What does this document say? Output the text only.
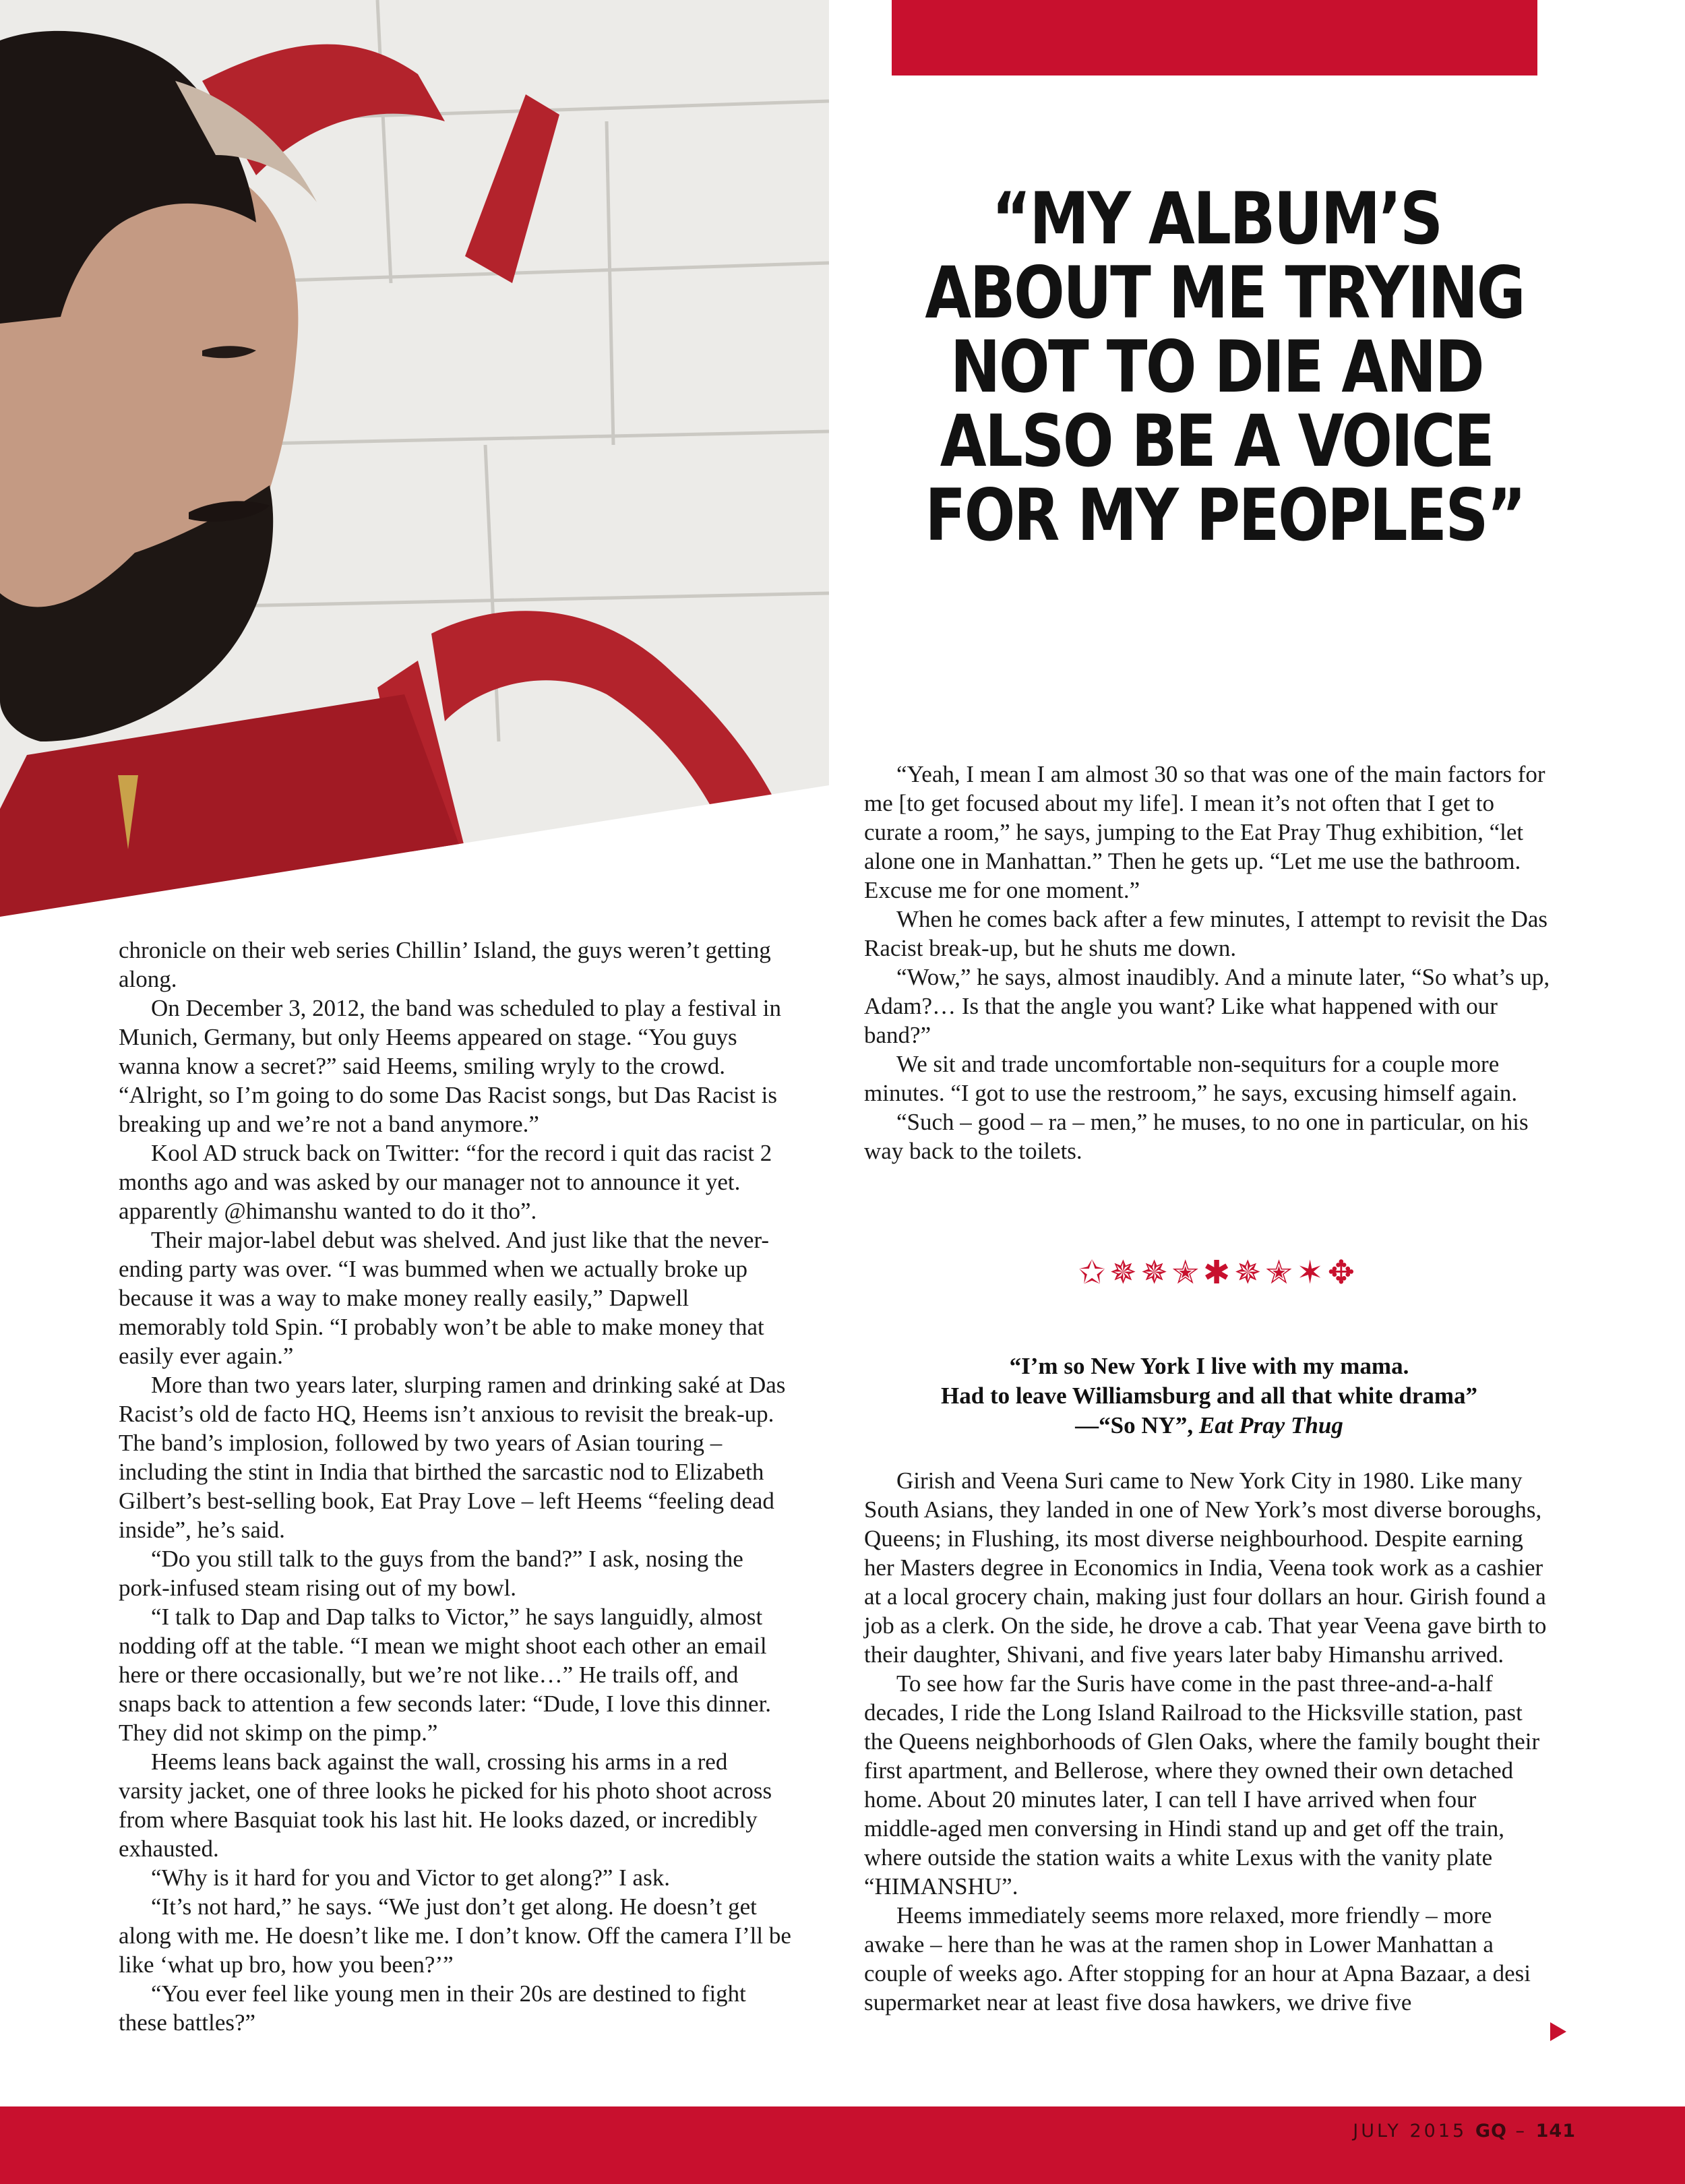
“MY ALBUM’S
ABOUT ME TRYING
NOT TO DIE AND
ALSO BE A VOICE
FOR MY PEOPLES”

chronicle on their web series Chillin’ Island, the guys weren’t getting along.

On December 3, 2012, the band was scheduled to play a festival in Munich, Germany, but only Heems appeared on stage. “You guys wanna know a secret?” said Heems, smiling wryly to the crowd. “Alright, so I’m going to do some Das Racist songs, but Das Racist is breaking up and we’re not a band anymore.”

Kool AD struck back on Twitter: “for the record i quit das racist 2 months ago and was asked by our manager not to announce it yet. apparently @himanshu wanted to do it tho”.

Their major-label debut was shelved. And just like that the never-ending party was over. “I was bummed when we actually broke up because it was a way to make money really easily,” Dapwell memorably told Spin. “I probably won’t be able to make money that easily ever again.”

More than two years later, slurping ramen and drinking saké at Das Racist’s old de facto HQ, Heems isn’t anxious to revisit the break-up. The band’s implosion, followed by two years of Asian touring – including the stint in India that birthed the sarcastic nod to Elizabeth Gilbert’s best-selling book, Eat Pray Love – left Heems “feeling dead inside”, he’s said.

“Do you still talk to the guys from the band?” I ask, nosing the pork-infused steam rising out of my bowl.

“I talk to Dap and Dap talks to Victor,” he says languidly, almost nodding off at the table. “I mean we might shoot each other an email here or there occasionally, but we’re not like…” He trails off, and snaps back to attention a few seconds later: “Dude, I love this dinner. They did not skimp on the pimp.”

Heems leans back against the wall, crossing his arms in a red varsity jacket, one of three looks he picked for his photo shoot across from where Basquiat took his last hit. He looks dazed, or incredibly exhausted.

“Why is it hard for you and Victor to get along?” I ask.

“It’s not hard,” he says. “We just don’t get along. He doesn’t get along with me. He doesn’t like me. I don’t know. Off the camera I’ll be like ‘what up bro, how you been?’”

“You ever feel like young men in their 20s are destined to fight these battles?”

“Yeah, I mean I am almost 30 so that was one of the main factors for me [to get focused about my life]. I mean it’s not often that I get to curate a room,” he says, jumping to the Eat Pray Thug exhibition, “let alone one in Manhattan.” Then he gets up. “Let me use the bathroom. Excuse me for one moment.”

When he comes back after a few minutes, I attempt to revisit the Das Racist break-up, but he shuts me down.

“Wow,” he says, almost inaudibly. And a minute later, “So what’s up, Adam?… Is that the angle you want? Like what happened with our band?”

We sit and trade uncomfortable non-sequiturs for a couple more minutes. “I got to use the restroom,” he says, excusing himself again.

“Such – good – ra – men,” he muses, to no one in particular, on his way back to the toilets.

✩ ✵ ✵ ✭ ✱ ✵ ✭ ✶ ✥
“I’m so New York I live with my mama.
Had to leave Williamsburg and all that white drama”
—“So NY”, Eat Pray Thug

Girish and Veena Suri came to New York City in 1980. Like many South Asians, they landed in one of New York’s most diverse boroughs, Queens; in Flushing, its most diverse neighbourhood. Despite earning her Masters degree in Economics in India, Veena took work as a cashier at a local grocery chain, making just four dollars an hour. Girish found a job as a clerk. On the side, he drove a cab. That year Veena gave birth to their daughter, Shivani, and five years later baby Himanshu arrived.

To see how far the Suris have come in the past three-and-a-half decades, I ride the Long Island Railroad to the Hicksville station, past the Queens neighborhoods of Glen Oaks, where the family bought their first apartment, and Bellerose, where they owned their own detached home. About 20 minutes later, I can tell I have arrived when four middle-aged men conversing in Hindi stand up and get off the train, where outside the station waits a white Lexus with the vanity plate “HIMANSHU”.

Heems immediately seems more relaxed, more friendly – more awake – here than he was at the ramen shop in Lower Manhattan a couple of weeks ago. After stopping for an hour at Apna Bazaar, a desi supermarket near at least five dosa hawkers, we drive five

JULY 2015 GQ – 141
